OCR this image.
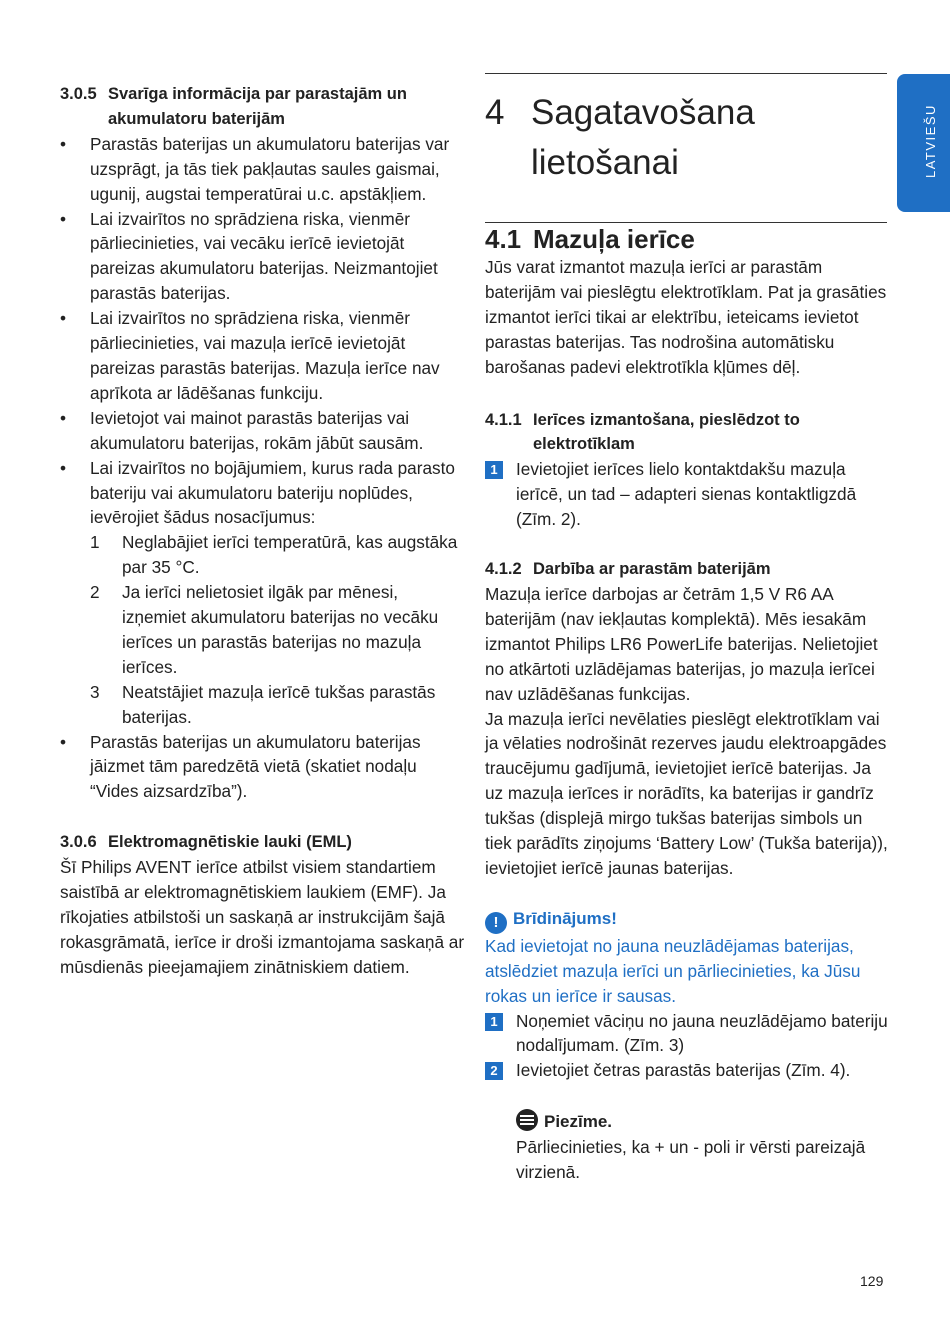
LATVIEŠU
3.0.5 Svarīga informācija par parastajām un
akumulatoru baterijām
• Parastās baterijas un akumulatoru baterijas var uzsprāgt, ja tās tiek pakļautas saules gaismai, ugunij, augstai temperatūrai u.c. apstākļiem.
• Lai izvairītos no sprādziena riska, vienmēr pārliecinieties, vai vecāku ierīcē ievietojāt pareizas akumulatoru baterijas. Neizmantojiet parastās baterijas.
• Lai izvairītos no sprādziena riska, vienmēr pārliecinieties, vai mazuļa ierīcē ievietojāt pareizas parastās baterijas. Mazuļa ierīce nav aprīkota ar lādēšanas funkciju.
• Ievietojot vai mainot parastās baterijas vai akumulatoru baterijas, rokām jābūt sausām.
• Lai izvairītos no bojājumiem, kurus rada parasto bateriju vai akumulatoru bateriju noplūdes, ievērojiet šādus nosacījumus:
1 Neglabājiet ierīci temperatūrā, kas augstāka par 35 °C.
2 Ja ierīci nelietosiet ilgāk par mēnesi, izņemiet akumulatoru baterijas no vecāku ierīces un parastās baterijas no mazuļa ierīces.
3 Neatstājiet mazuļa ierīcē tukšas parastās baterijas.
• Parastās baterijas un akumulatoru baterijas jāizmet tām paredzētā vietā (skatiet nodaļu “Vides aizsardzība”).
3.0.6 Elektromagnētiskie lauki (EML)

Šī Philips AVENT ierīce atbilst visiem standartiem saistībā ar elektromagnētiskiem laukiem (EMF). Ja rīkojaties atbilstoši un saskaņā ar instrukcijām šajā rokasgrāmatā, ierīce ir droši izmantojama saskaņā ar mūsdienās pieejamajiem zinātniskiem datiem.

4 Sagatavošana
lietošanai
4.1 Mazuļa ierīce

Jūs varat izmantot mazuļa ierīci ar parastām baterijām vai pieslēgtu elektrotīklam. Pat ja grasāties izmantot ierīci tikai ar elektrību, ieteicams ievietot parastas baterijas. Tas nodrošina automātisku barošanas padevi elektrotīkla kļūmes dēļ.

4.1.1 Ierīces izmantošana, pieslēdzot to
elektrotīklam
1	Ievietojiet ierīces lielo kontaktdakšu mazuļa ierīcē, un tad – adapteri sienas kontaktligzdā (Zīm. 2).
4.1.2 Darbība ar parastām baterijām

Mazuļa ierīce darbojas ar četrām 1,5 V R6 AA baterijām (nav iekļautas komplektā). Mēs iesakām izmantot Philips LR6 PowerLife baterijas. Nelietojiet no atkārtoti uzlādējamas baterijas, jo mazuļa ierīcei nav uzlādēšanas funkcijas.

Ja mazuļa ierīci nevēlaties pieslēgt elektrotīklam vai ja vēlaties nodrošināt rezerves jaudu elektroapgādes traucējumu gadījumā, ievietojiet ierīcē baterijas. Ja uz mazuļa ierīces ir norādīts, ka baterijas ir gandrīz tukšas (displejā mirgo tukšas baterijas simbols un tiek parādīts ziņojums ‘Battery Low’ (Tukša baterija)), ievietojiet ierīcē jaunas baterijas.

! Brīdinājums!

Kad ievietojat no jauna neuzlādējamas baterijas, atslēdziet mazuļa ierīci un pārliecinieties, ka Jūsu rokas un ierīce ir sausas.

1	Noņemiet vāciņu no jauna neuzlādējamo bateriju nodalījumam. (Zīm. 3)
2	Ievietojiet četras parastās baterijas (Zīm. 4).
Piezīme.

Pārliecinieties, ka + un - poli ir vērsti pareizajā virzienā.

129
